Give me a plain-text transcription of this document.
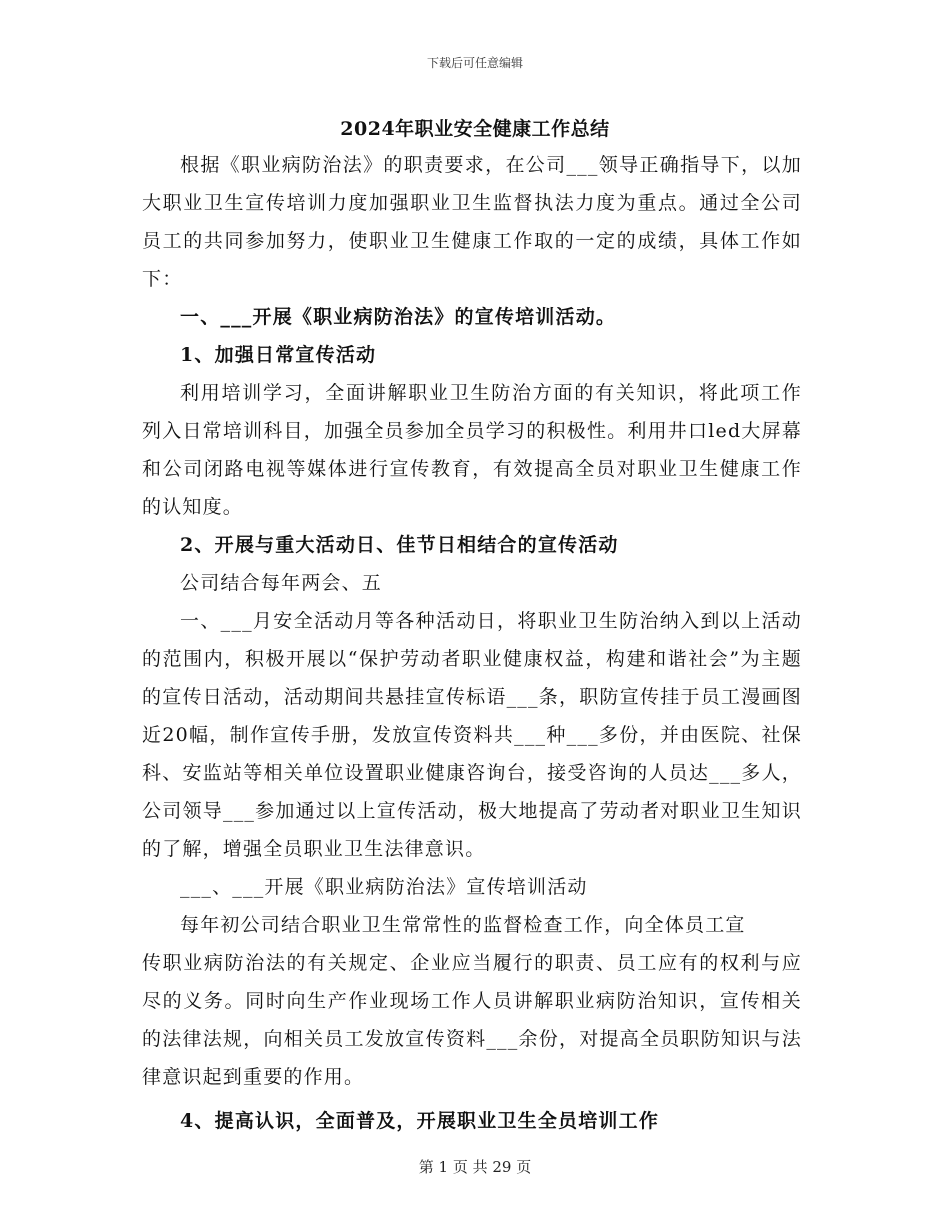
下载后可任意编辑
2024年职业安全健康工作总结

根据《职业病防治法》的职责要求，在公司___领导正确指导下，以加大职业卫生宣传培训力度加强职业卫生监督执法力度为重点。通过全公司员工的共同参加努力，使职业卫生健康工作取的一定的成绩，具体工作如下：

一、___开展《职业病防治法》的宣传培训活动。

1、加强日常宣传活动

利用培训学习，全面讲解职业卫生防治方面的有关知识，将此项工作列入日常培训科目，加强全员参加全员学习的积极性。利用井口led大屏幕和公司闭路电视等媒体进行宣传教育，有效提高全员对职业卫生健康工作的认知度。

2、开展与重大活动日、佳节日相结合的宣传活动

公司结合每年两会、五

一、___月安全活动月等各种活动日，将职业卫生防治纳入到以上活动的范围内，积极开展以“保护劳动者职业健康权益，构建和谐社会”为主题的宣传日活动，活动期间共悬挂宣传标语___条，职防宣传挂于员工漫画图近20幅，制作宣传手册，发放宣传资料共___种___多份，并由医院、社保科、安监站等相关单位设置职业健康咨询台，接受咨询的人员达___多人，公司领导___参加通过以上宣传活动，极大地提高了劳动者对职业卫生知识的了解，增强全员职业卫生法律意识。

___、___开展《职业病防治法》宣传培训活动

每年初公司结合职业卫生常常性的监督检查工作，向全体员工宣

传职业病防治法的有关规定、企业应当履行的职责、员工应有的权利与应尽的义务。同时向生产作业现场工作人员讲解职业病防治知识，宣传相关的法律法规，向相关员工发放宣传资料___余份，对提高全员职防知识与法律意识起到重要的作用。

4、提高认识，全面普及，开展职业卫生全员培训工作

第 1 页 共 29 页
